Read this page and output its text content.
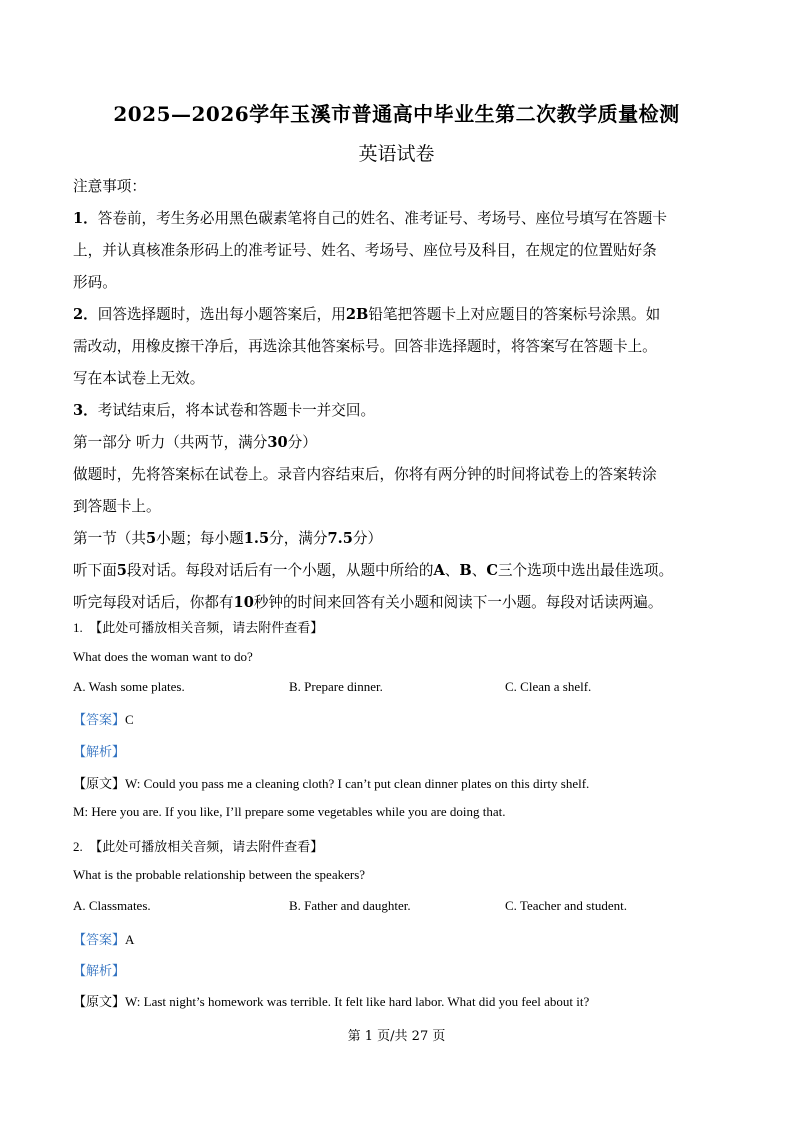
2025—2026学年玉溪市普通高中毕业生第二次教学质量检测
英语试卷

注意事项：

1．答卷前，考生务必用黑色碳素笔将自己的姓名、准考证号、考场号、座位号填写在答题卡

上，并认真核准条形码上的准考证号、姓名、考场号、座位号及科目，在规定的位置贴好条

形码。

2．回答选择题时，选出每小题答案后，用2B铅笔把答题卡上对应题目的答案标号涂黑。如

需改动，用橡皮擦干净后，再选涂其他答案标号。回答非选择题时，将答案写在答题卡上。

写在本试卷上无效。

3．考试结束后，将本试卷和答题卡一并交回。

第一部分 听力（共两节，满分30分）

做题时，先将答案标在试卷上。录音内容结束后，你将有两分钟的时间将试卷上的答案转涂

到答题卡上。

第一节（共5小题；每小题1.5分，满分7.5分）

听下面5段对话。每段对话后有一个小题，从题中所给的A、B、C三个选项中选出最佳选项。

听完每段对话后，你都有10秒钟的时间来回答有关小题和阅读下一小题。每段对话读两遍。

1. 【此处可播放相关音频，请去附件查看】
What does the woman want to do?
A. Wash some plates.	B. Prepare dinner.	C. Clean a shelf.
【答案】C
【解析】
【原文】W: Could you pass me a cleaning cloth? I can’t put clean dinner plates on this dirty shelf.
M: Here you are. If you like, I’ll prepare some vegetables while you are doing that.
2. 【此处可播放相关音频，请去附件查看】
What is the probable relationship between the speakers?
A. Classmates.	B. Father and daughter.	C. Teacher and student.
【答案】A
【解析】
【原文】W: Last night’s homework was terrible. It felt like hard labor. What did you feel about it?
第 1 页/共 27 页
